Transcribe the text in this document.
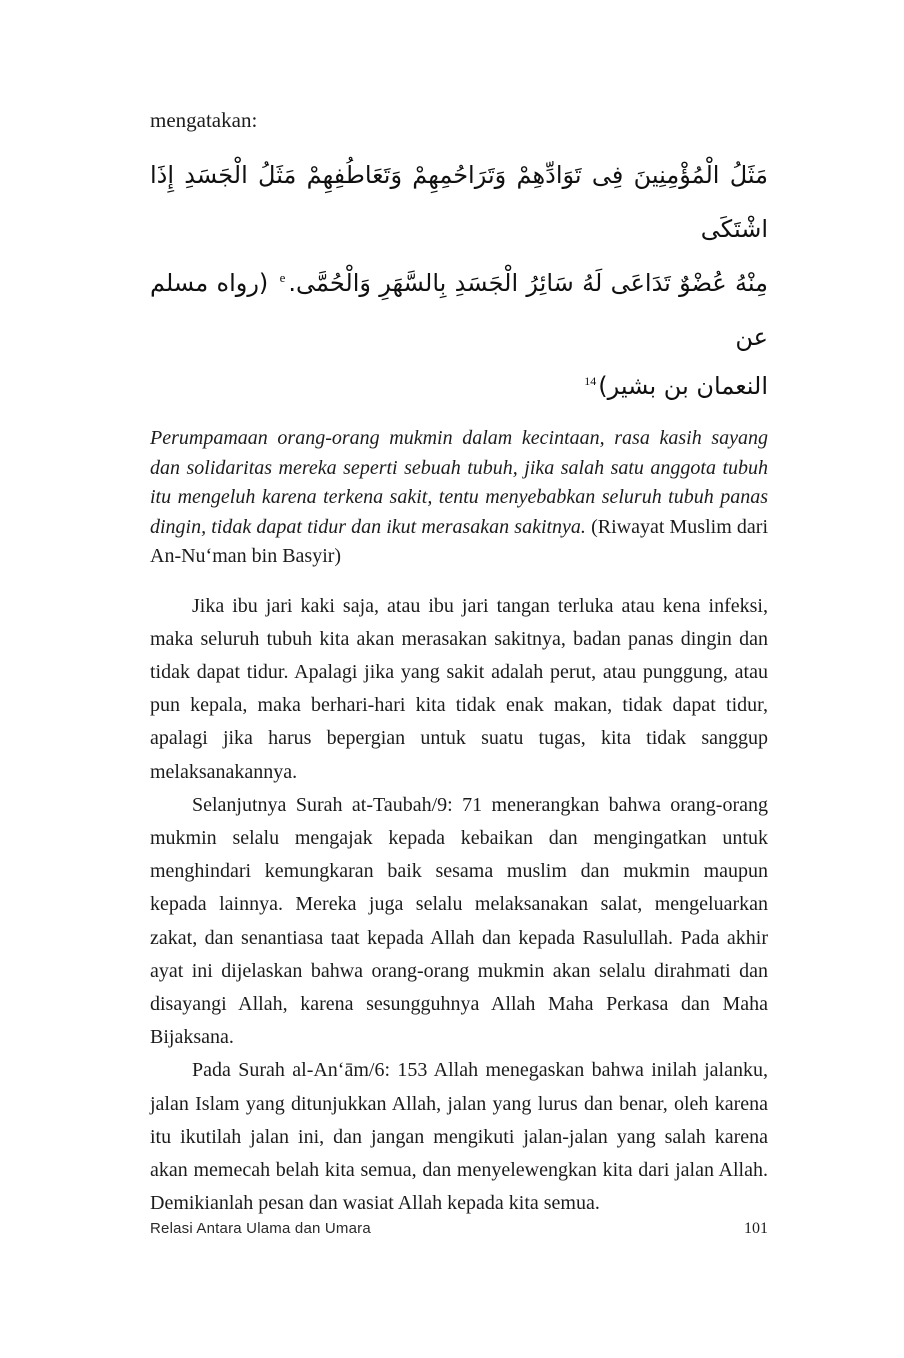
mengatakan:

مَثَلُ الْمُؤْمِنِينَ فِى تَوَادِّهِمْ وَتَرَاحُمِهِمْ وَتَعَاطُفِهِمْ مَثَلُ الْجَسَدِ إِذَا اشْتَكَى
مِنْهُ عُضْوٌ تَدَاعَى لَهُ سَائِرُ الْجَسَدِ بِالسَّهَرِ وَالْحُمَّى.$^e$ (رواه مسلم عن
النعمان بن بشير)$^{14}$

Perumpamaan orang-orang mukmin dalam kecintaan, rasa kasih sayang dan solidaritas mereka seperti sebuah tubuh, jika salah satu anggota tubuh itu mengeluh karena terkena sakit, tentu menyebabkan seluruh tubuh panas dingin, tidak dapat tidur dan ikut merasakan sakitnya. (Riwayat Muslim dari An-Nu‘man bin Basyir)

Jika ibu jari kaki saja, atau ibu jari tangan terluka atau kena infeksi, maka seluruh tubuh kita akan merasakan sakitnya, badan panas dingin dan tidak dapat tidur. Apalagi jika yang sakit adalah perut, atau punggung, atau pun kepala, maka berhari-hari kita tidak enak makan, tidak dapat tidur, apalagi jika harus bepergian untuk suatu tugas, kita tidak sanggup melaksanakannya.

Selanjutnya Surah at-Taubah/9: 71 menerangkan bahwa orang-orang mukmin selalu mengajak kepada kebaikan dan mengingatkan untuk menghindari kemungkaran baik sesama muslim dan mukmin maupun kepada lainnya. Mereka juga selalu melaksanakan salat, mengeluarkan zakat, dan senantiasa taat kepada Allah dan kepada Rasulullah. Pada akhir ayat ini dijelaskan bahwa orang-orang mukmin akan selalu dirahmati dan disayangi Allah, karena sesungguhnya Allah Maha Perkasa dan Maha Bijaksana.

Pada Surah al-An‘ām/6: 153 Allah menegaskan bahwa inilah jalanku, jalan Islam yang ditunjukkan Allah, jalan yang lurus dan benar, oleh karena itu ikutilah jalan ini, dan jangan mengikuti jalan-jalan yang salah karena akan memecah belah kita semua, dan menyelewengkan kita dari jalan Allah. Demikianlah pesan dan wasiat Allah kepada kita semua.

Relasi Antara Ulama dan Umara	101
